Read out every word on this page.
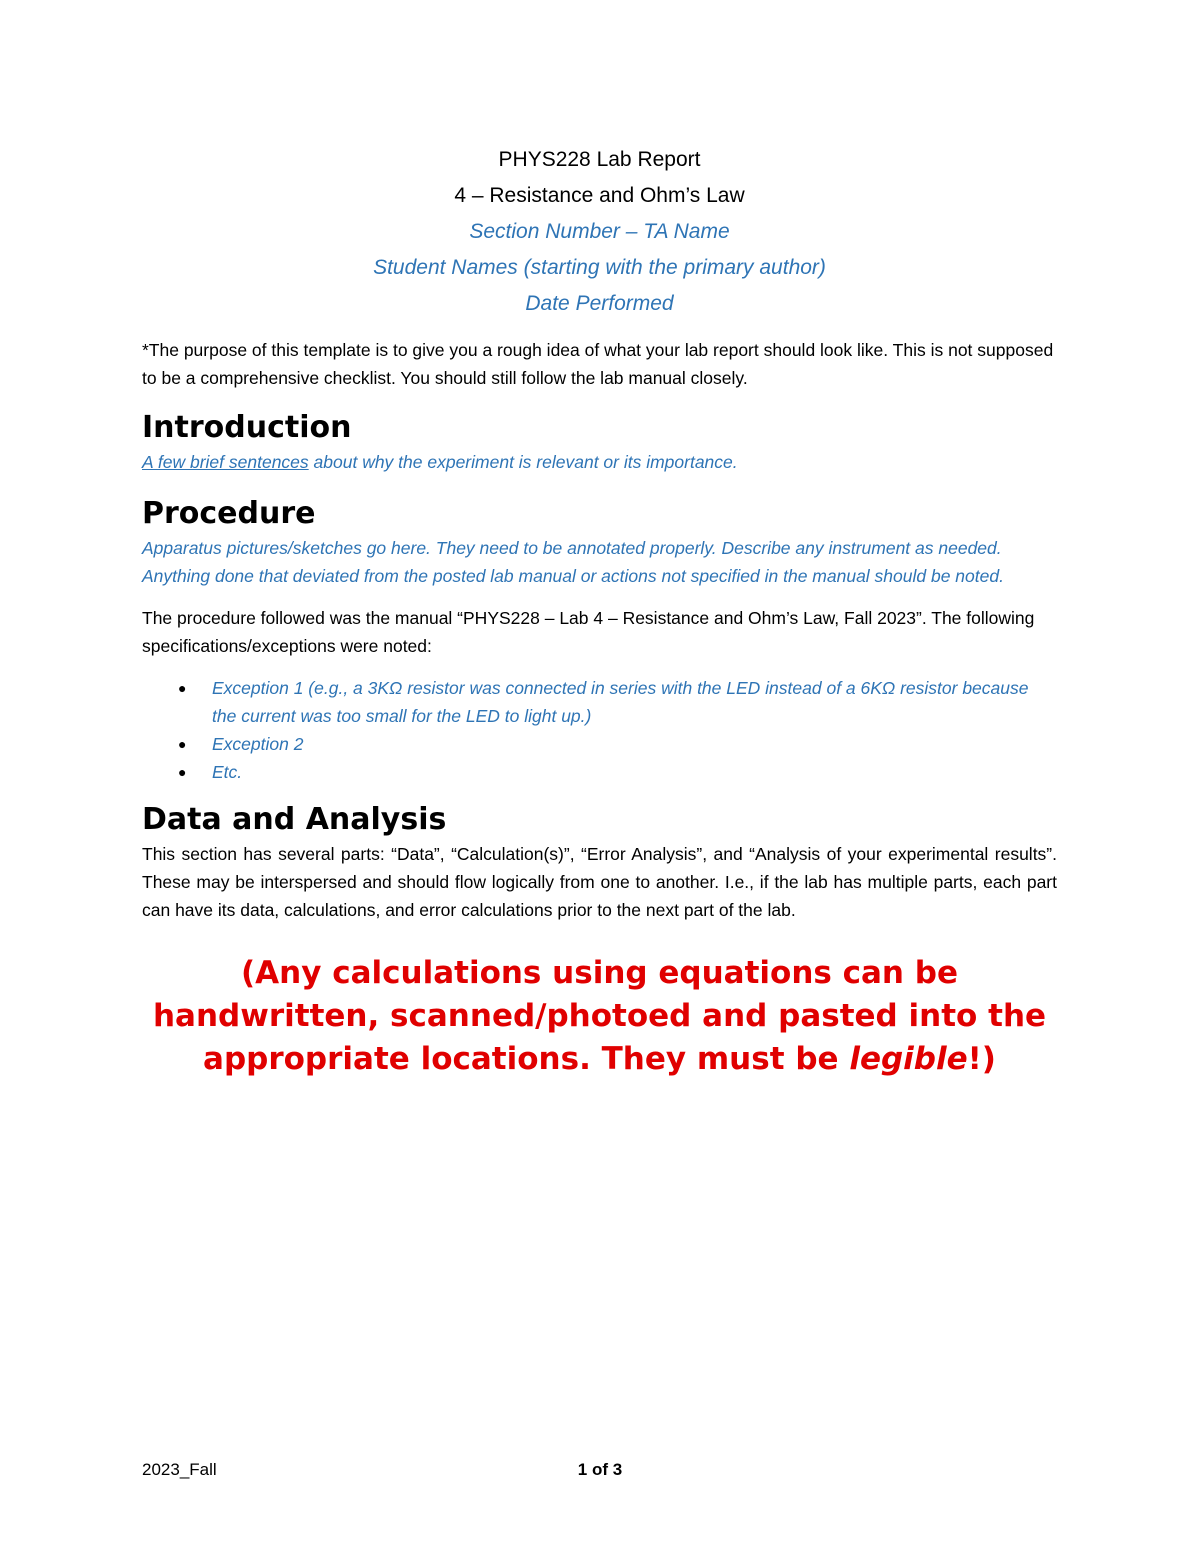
PHYS228 Lab Report
4 – Resistance and Ohm’s Law
Section Number – TA Name
Student Names (starting with the primary author)
Date Performed

*The purpose of this template is to give you a rough idea of what your lab report should look like. This is not supposed to be a comprehensive checklist. You should still follow the lab manual closely.

Introduction

A few brief sentences about why the experiment is relevant or its importance.

Procedure

Apparatus pictures/sketches go here. They need to be annotated properly. Describe any instrument as needed. Anything done that deviated from the posted lab manual or actions not specified in the manual should be noted.

The procedure followed was the manual “PHYS228 – Lab 4 – Resistance and Ohm’s Law, Fall 2023”. The following specifications/exceptions were noted:

● Exception 1 (e.g., a 3KΩ resistor was connected in series with the LED instead of a 6KΩ resistor because the current was too small for the LED to light up.)
● Exception 2
● Etc.
Data and Analysis

This section has several parts: “Data”, “Calculation(s)”, “Error Analysis”, and “Analysis of your experimental results”. These may be interspersed and should flow logically from one to another. I.e., if the lab has multiple parts, each part can have its data, calculations, and error calculations prior to the next part of the lab.

(Any calculations using equations can be handwritten, scanned/photoed and pasted into the appropriate locations. They must be legible!)
2023_Fall	1 of 3
